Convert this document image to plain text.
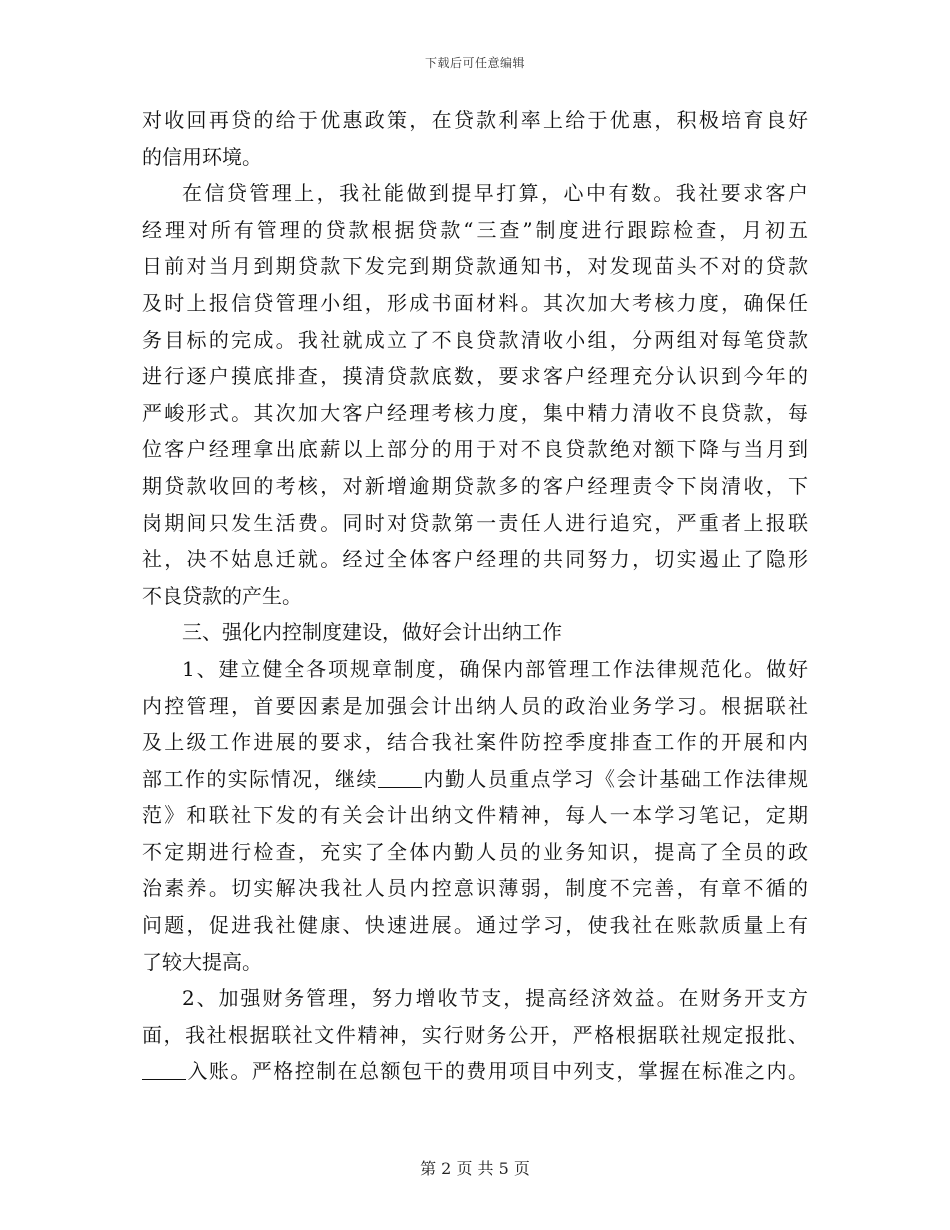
下载后可任意编辑
对收回再贷的给于优惠政策，在贷款利率上给于优惠，积极培育良好
的信用环境。
在信贷管理上，我社能做到提早打算，心中有数。我社要求客户
经理对所有管理的贷款根据贷款“三查”制度进行跟踪检查，月初五
日前对当月到期贷款下发完到期贷款通知书，对发现苗头不对的贷款
及时上报信贷管理小组，形成书面材料。其次加大考核力度，确保任
务目标的完成。我社就成立了不良贷款清收小组，分两组对每笔贷款
进行逐户摸底排查，摸清贷款底数，要求客户经理充分认识到今年的
严峻形式。其次加大客户经理考核力度，集中精力清收不良贷款，每
位客户经理拿出底薪以上部分的用于对不良贷款绝对额下降与当月到
期贷款收回的考核，对新增逾期贷款多的客户经理责令下岗清收，下
岗期间只发生活费。同时对贷款第一责任人进行追究，严重者上报联
社，决不姑息迁就。经过全体客户经理的共同努力，切实遏止了隐形
不良贷款的产生。
三、强化内控制度建设，做好会计出纳工作
1、建立健全各项规章制度，确保内部管理工作法律规范化。做好
内控管理，首要因素是加强会计出纳人员的政治业务学习。根据联社
及上级工作进展的要求，结合我社案件防控季度排查工作的开展和内
部工作的实际情况，继续 内勤人员重点学习《会计基础工作法律规
范》和联社下发的有关会计出纳文件精神，每人一本学习笔记，定期
不定期进行检查，充实了全体内勤人员的业务知识，提高了全员的政
治素养。切实解决我社人员内控意识薄弱，制度不完善，有章不循的
问题，促进我社健康、快速进展。通过学习，使我社在账款质量上有
了较大提高。
2、加强财务管理，努力增收节支，提高经济效益。在财务开支方
面，我社根据联社文件精神，实行财务公开，严格根据联社规定报批、
入账。严格控制在总额包干的费用项目中列支，掌握在标准之内。
第 2 页 共 5 页
